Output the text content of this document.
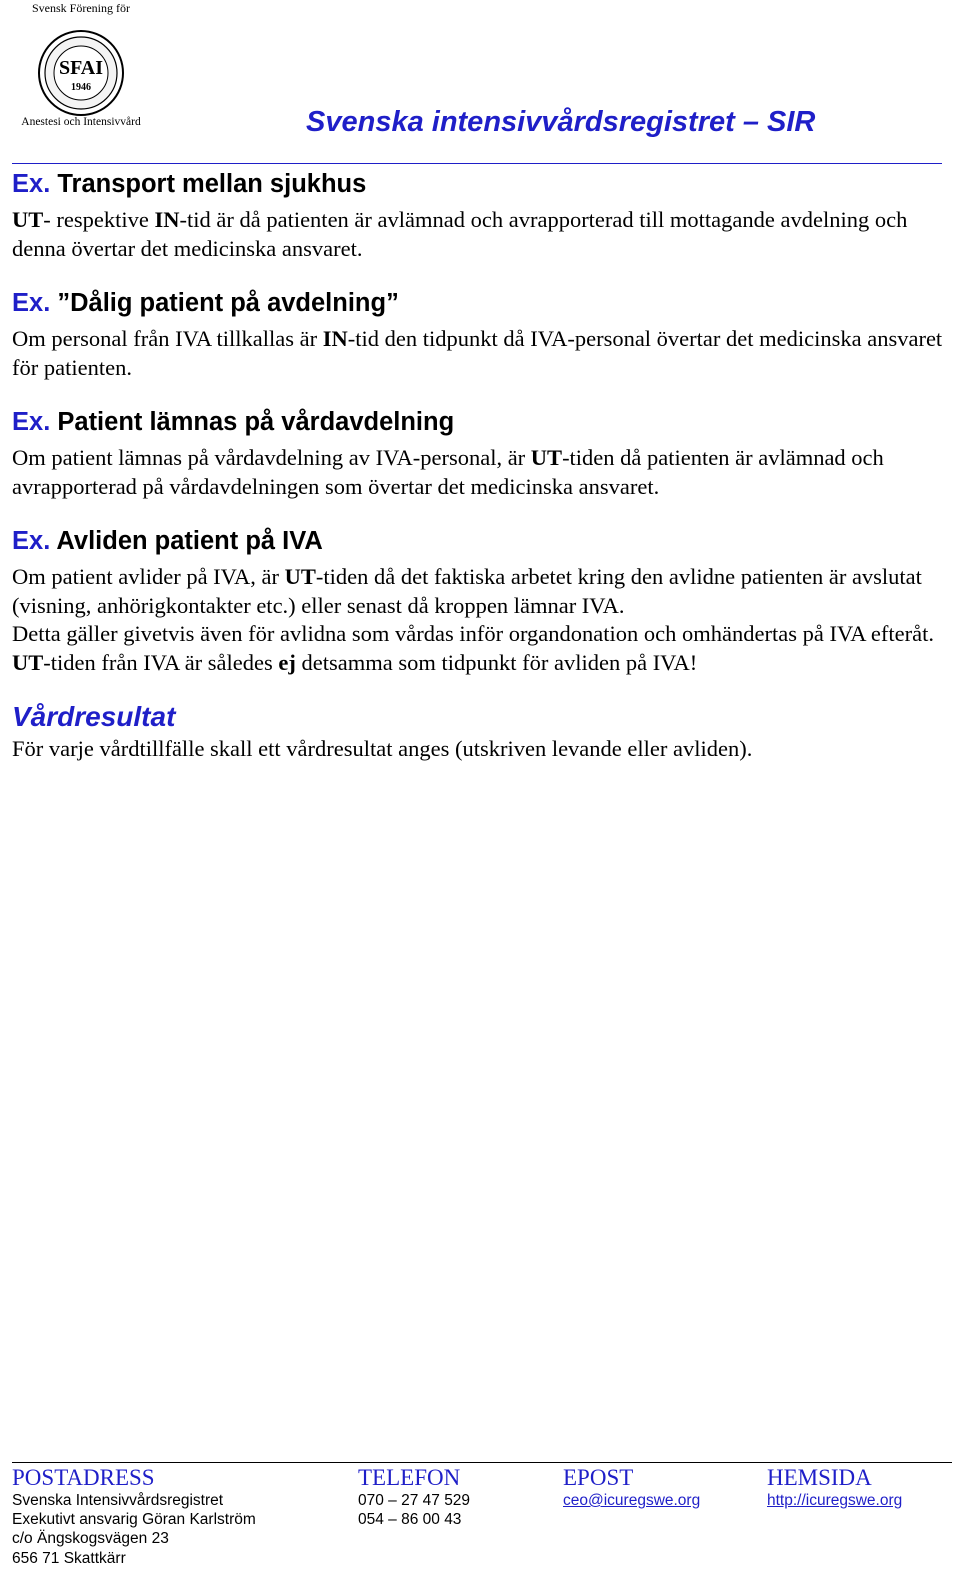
Svensk Förening för
SFAI
1946
Anestesi och Intensivvård	Svenska intensivvårdsregistret – SIR
Ex. Transport mellan sjukhus

UT- respektive IN-tid är då patienten är avlämnad och avrapporterad till mottagande avdelning och denna övertar det medicinska ansvaret.

Ex. ”Dålig patient på avdelning”

Om personal från IVA tillkallas är IN-tid den tidpunkt då IVA-personal övertar det medicinska ansvaret för patienten.

Ex. Patient lämnas på vårdavdelning

Om patient lämnas på vårdavdelning av IVA-personal, är UT-tiden då patienten är avlämnad och avrapporterad på vårdavdelningen som övertar det medicinska ansvaret.

Ex. Avliden patient på IVA

Om patient avlider på IVA, är UT-tiden då det faktiska arbetet kring den avlidne patienten är avslutat (visning, anhörigkontakter etc.) eller senast då kroppen lämnar IVA.

Detta gäller givetvis även för avlidna som vårdas inför organdonation och omhändertas på IVA efteråt.

UT-tiden från IVA är således ej detsamma som tidpunkt för avliden på IVA!

Vårdresultat

För varje vårdtillfälle skall ett vårdresultat anges (utskriven levande eller avliden).

POSTADRESS
Svenska Intensivvårdsregistret
Exekutivt ansvarig Göran Karlström
c/o Ängskogsvägen 23
656 71 Skattkärr
TELEFON
070 – 27 47 529
054 – 86 00 43
EPOST
ceo@icuregswe.org
HEMSIDA
http://icuregswe.org
